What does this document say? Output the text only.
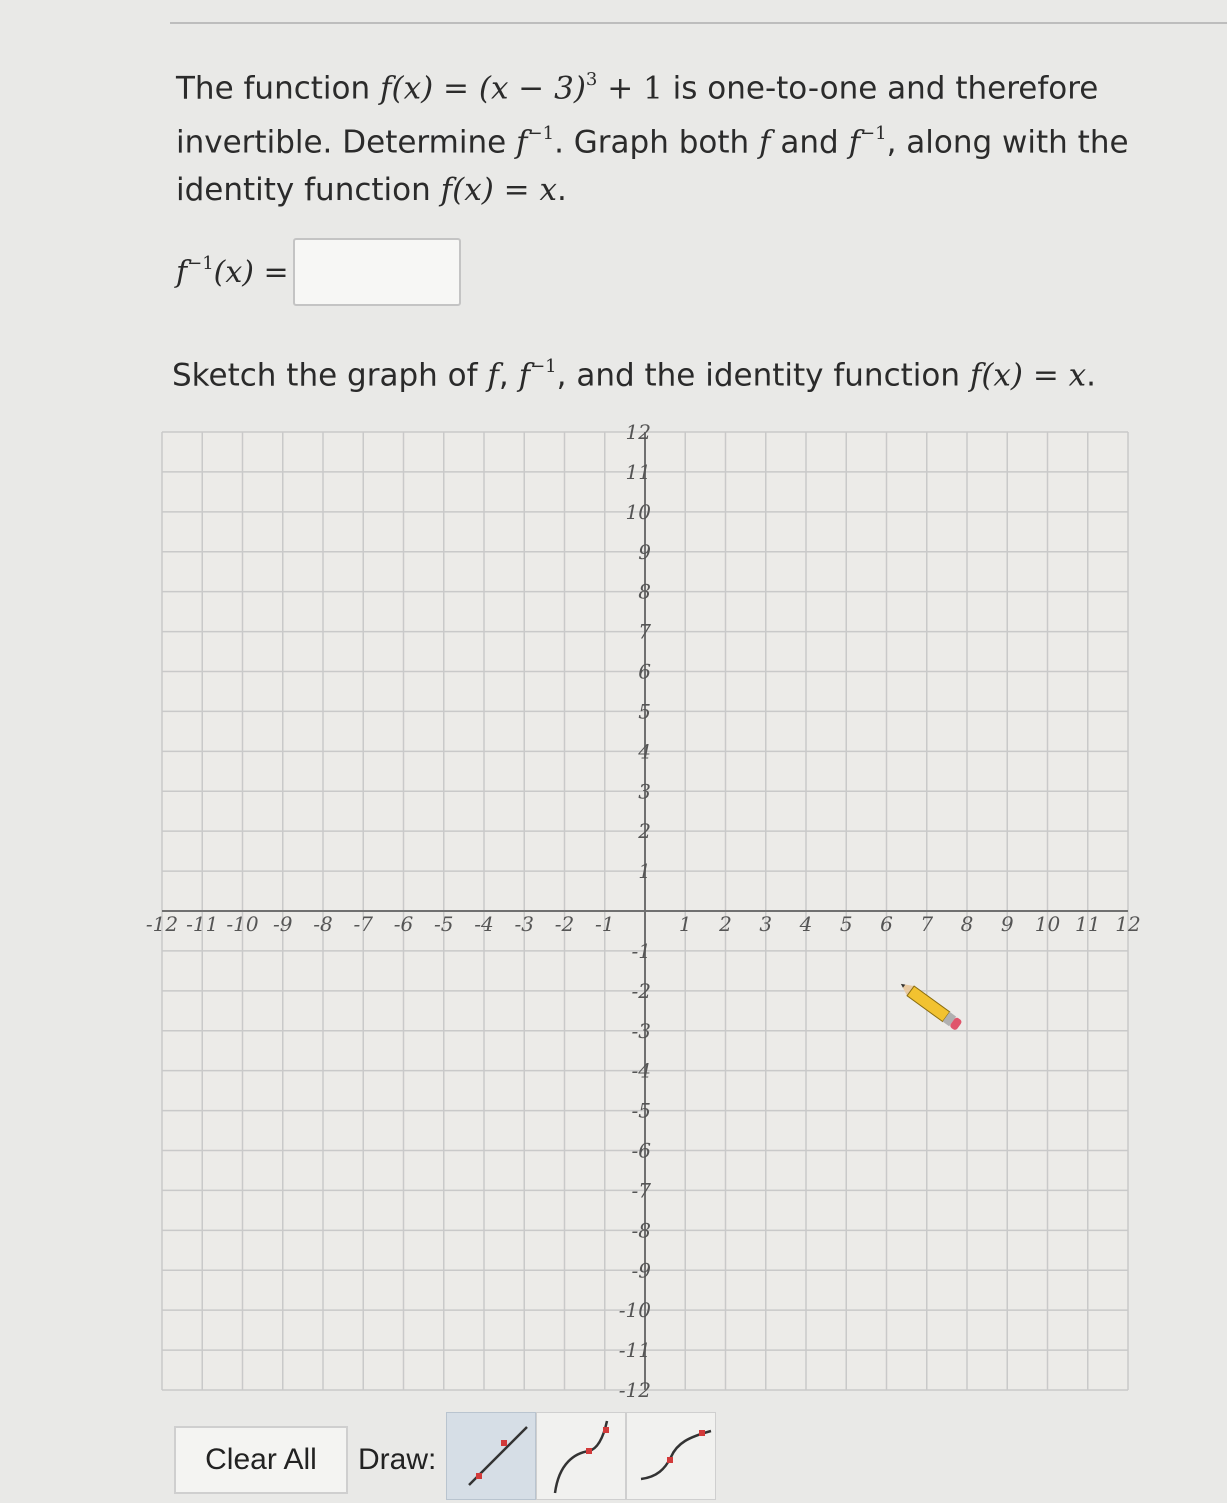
The function $f(x) = (x - 3)^3 + 1$ is one-to-one and therefore invertible. Determine $f^{-1}$. Graph both f and $f^{-1}$, along with the identity function f(x) = x.
$f^{-1}(x)$ =
Sketch the graph of f, $f^{-1}$, and the identity function f(x) = x.
-12 -11 -10 -9 -8 -7 -6 -5 -4 -3 -2 -1	1 2 3 4 5 6 7 8 9 10 11 12
12
11
10
9
8
7
6
5
4
3
2
1
-1
-2
-3
-4
-5
-6
-7
-8
-9
-10
-11
-12
Clear All	Draw:
